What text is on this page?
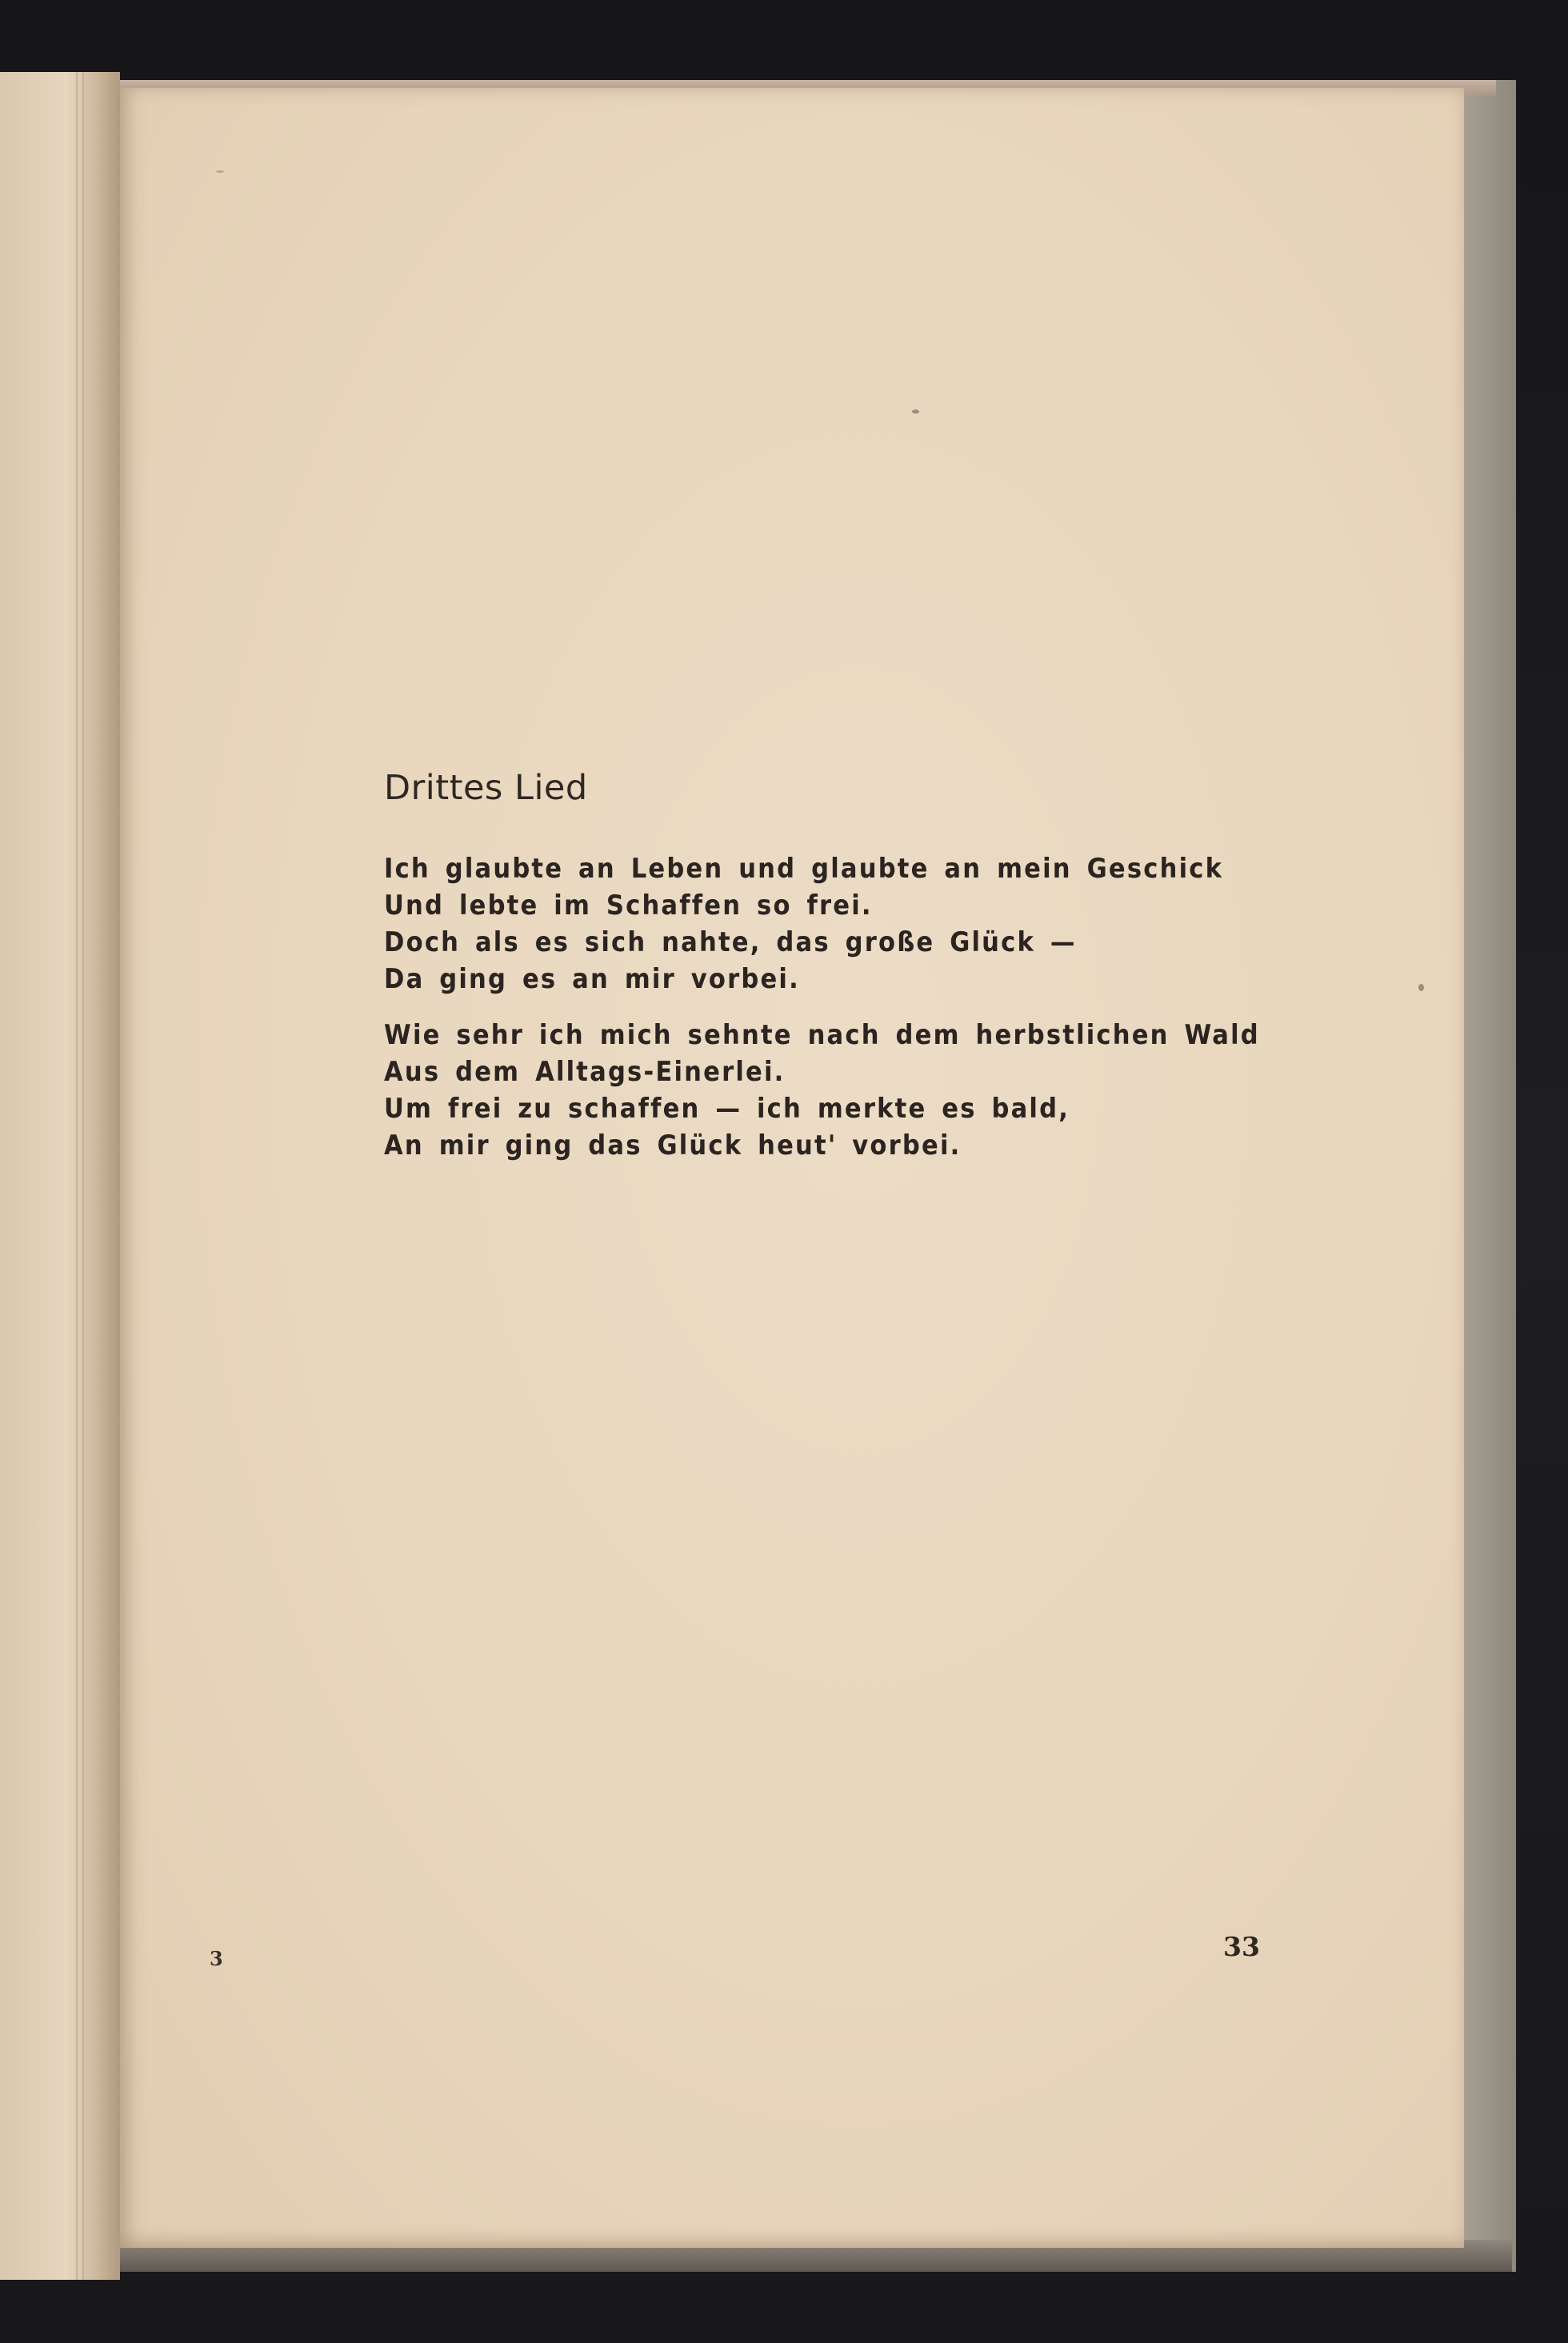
Drittes Lied
Ich glaubte an Leben und glaubte an mein Geschick
Und lebte im Schaffen so frei.
Doch als es sich nahte, das große Glück —
Da ging es an mir vorbei.
Wie sehr ich mich sehnte nach dem herbstlichen Wald
Aus dem Alltags-Einerlei.
Um frei zu schaffen — ich merkte es bald,
An mir ging das Glück heut' vorbei.
3	33
